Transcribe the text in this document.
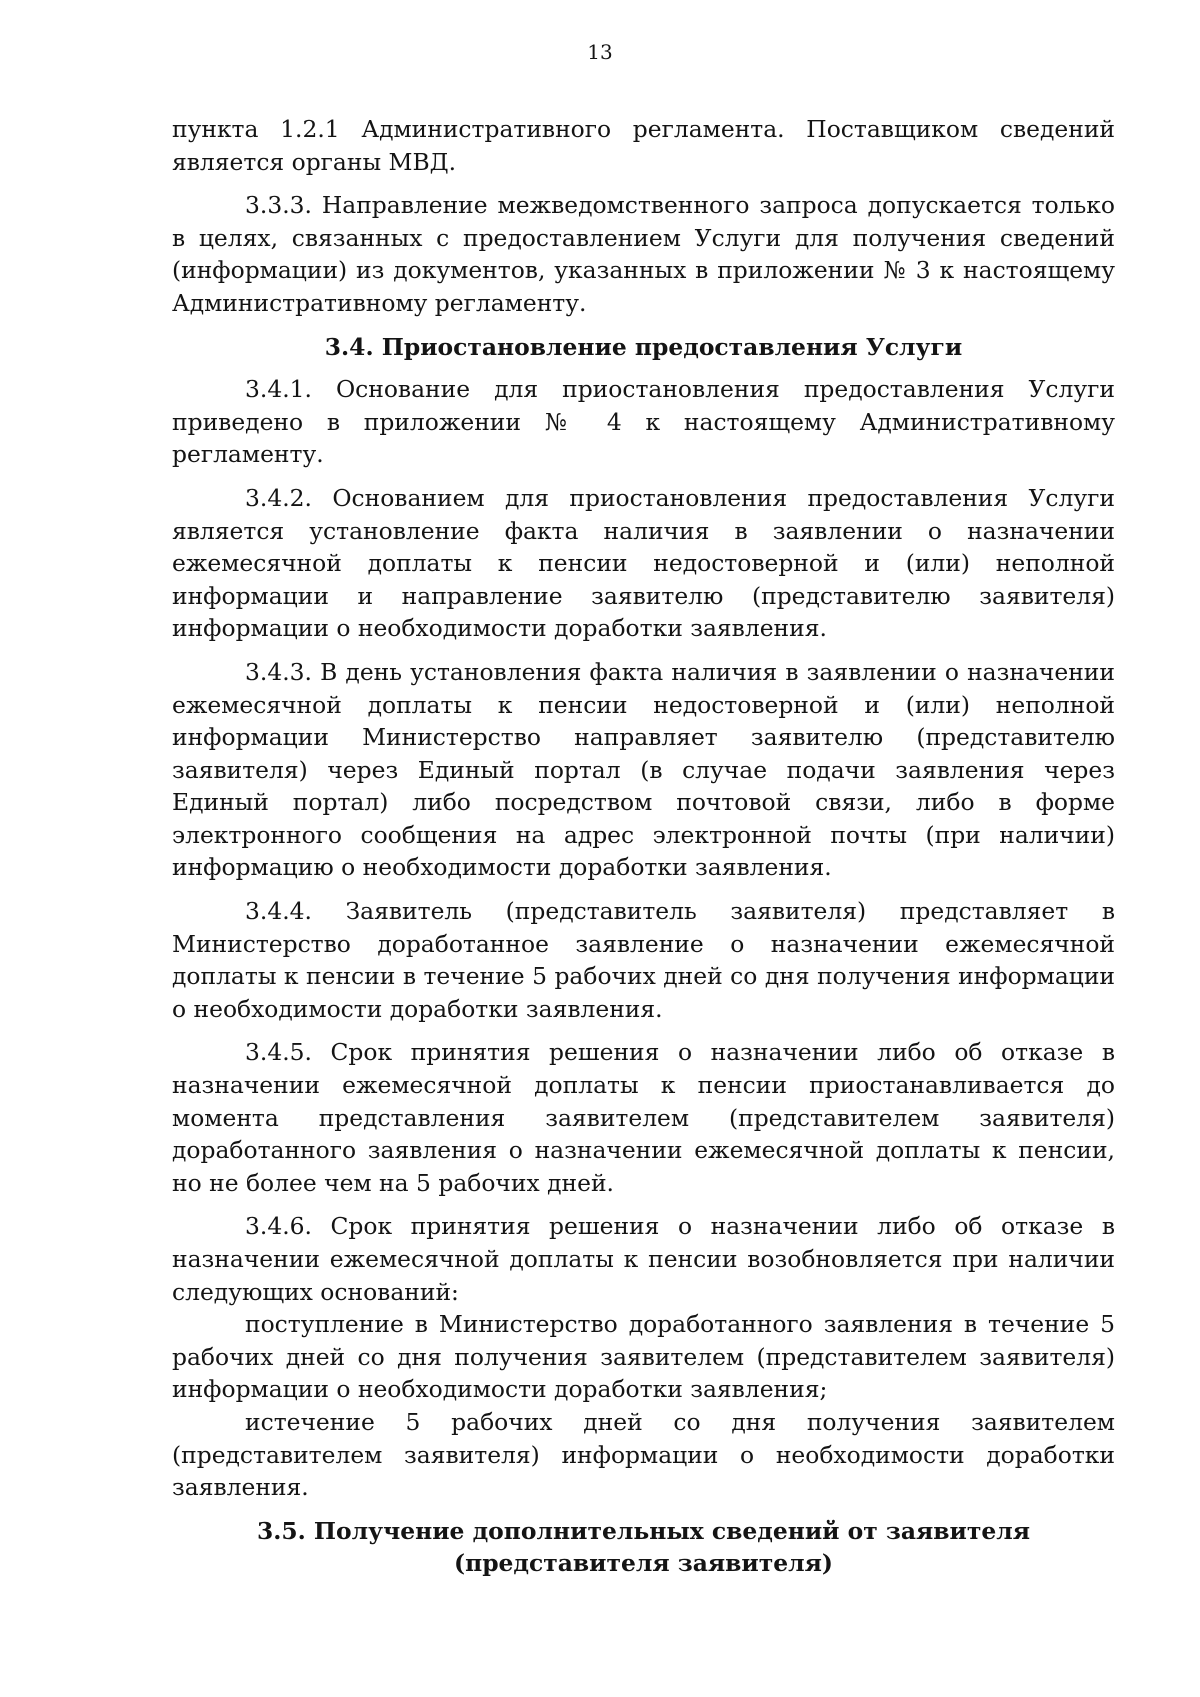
13

пункта 1.2.1 Административного регламента. Поставщиком сведений является органы МВД.

3.3.3. Направление межведомственного запроса допускается только в целях, связанных с предоставлением Услуги для получения сведений (информации) из документов, указанных в приложении № 3 к настоящему Административному регламенту.

3.4. Приостановление предоставления Услуги

3.4.1. Основание для приостановления предоставления Услуги приведено в приложении № 4 к настоящему Административному регламенту.

3.4.2. Основанием для приостановления предоставления Услуги является установление факта наличия в заявлении о назначении ежемесячной доплаты к пенсии недостоверной и (или) неполной информации и направление заявителю (представителю заявителя) информации о необходимости доработки заявления.

3.4.3. В день установления факта наличия в заявлении о назначении ежемесячной доплаты к пенсии недостоверной и (или) неполной информации Министерство направляет заявителю (представителю заявителя) через Единый портал (в случае подачи заявления через Единый портал) либо посредством почтовой связи, либо в форме электронного сообщения на адрес электронной почты (при наличии) информацию о необходимости доработки заявления.

3.4.4. Заявитель (представитель заявителя) представляет в Министерство доработанное заявление о назначении ежемесячной доплаты к пенсии в течение 5 рабочих дней со дня получения информации о необходимости доработки заявления.

3.4.5. Срок принятия решения о назначении либо об отказе в назначении ежемесячной доплаты к пенсии приостанавливается до момента представления заявителем (представителем заявителя) доработанного заявления о назначении ежемесячной доплаты к пенсии, но не более чем на 5 рабочих дней.

3.4.6. Срок принятия решения о назначении либо об отказе в назначении ежемесячной доплаты к пенсии возобновляется при наличии следующих оснований:

поступление в Министерство доработанного заявления в течение 5 рабочих дней со дня получения заявителем (представителем заявителя) информации о необходимости доработки заявления;

истечение 5 рабочих дней со дня получения заявителем (представителем заявителя) информации о необходимости доработки заявления.

3.5. Получение дополнительных сведений от заявителя (представителя заявителя)
